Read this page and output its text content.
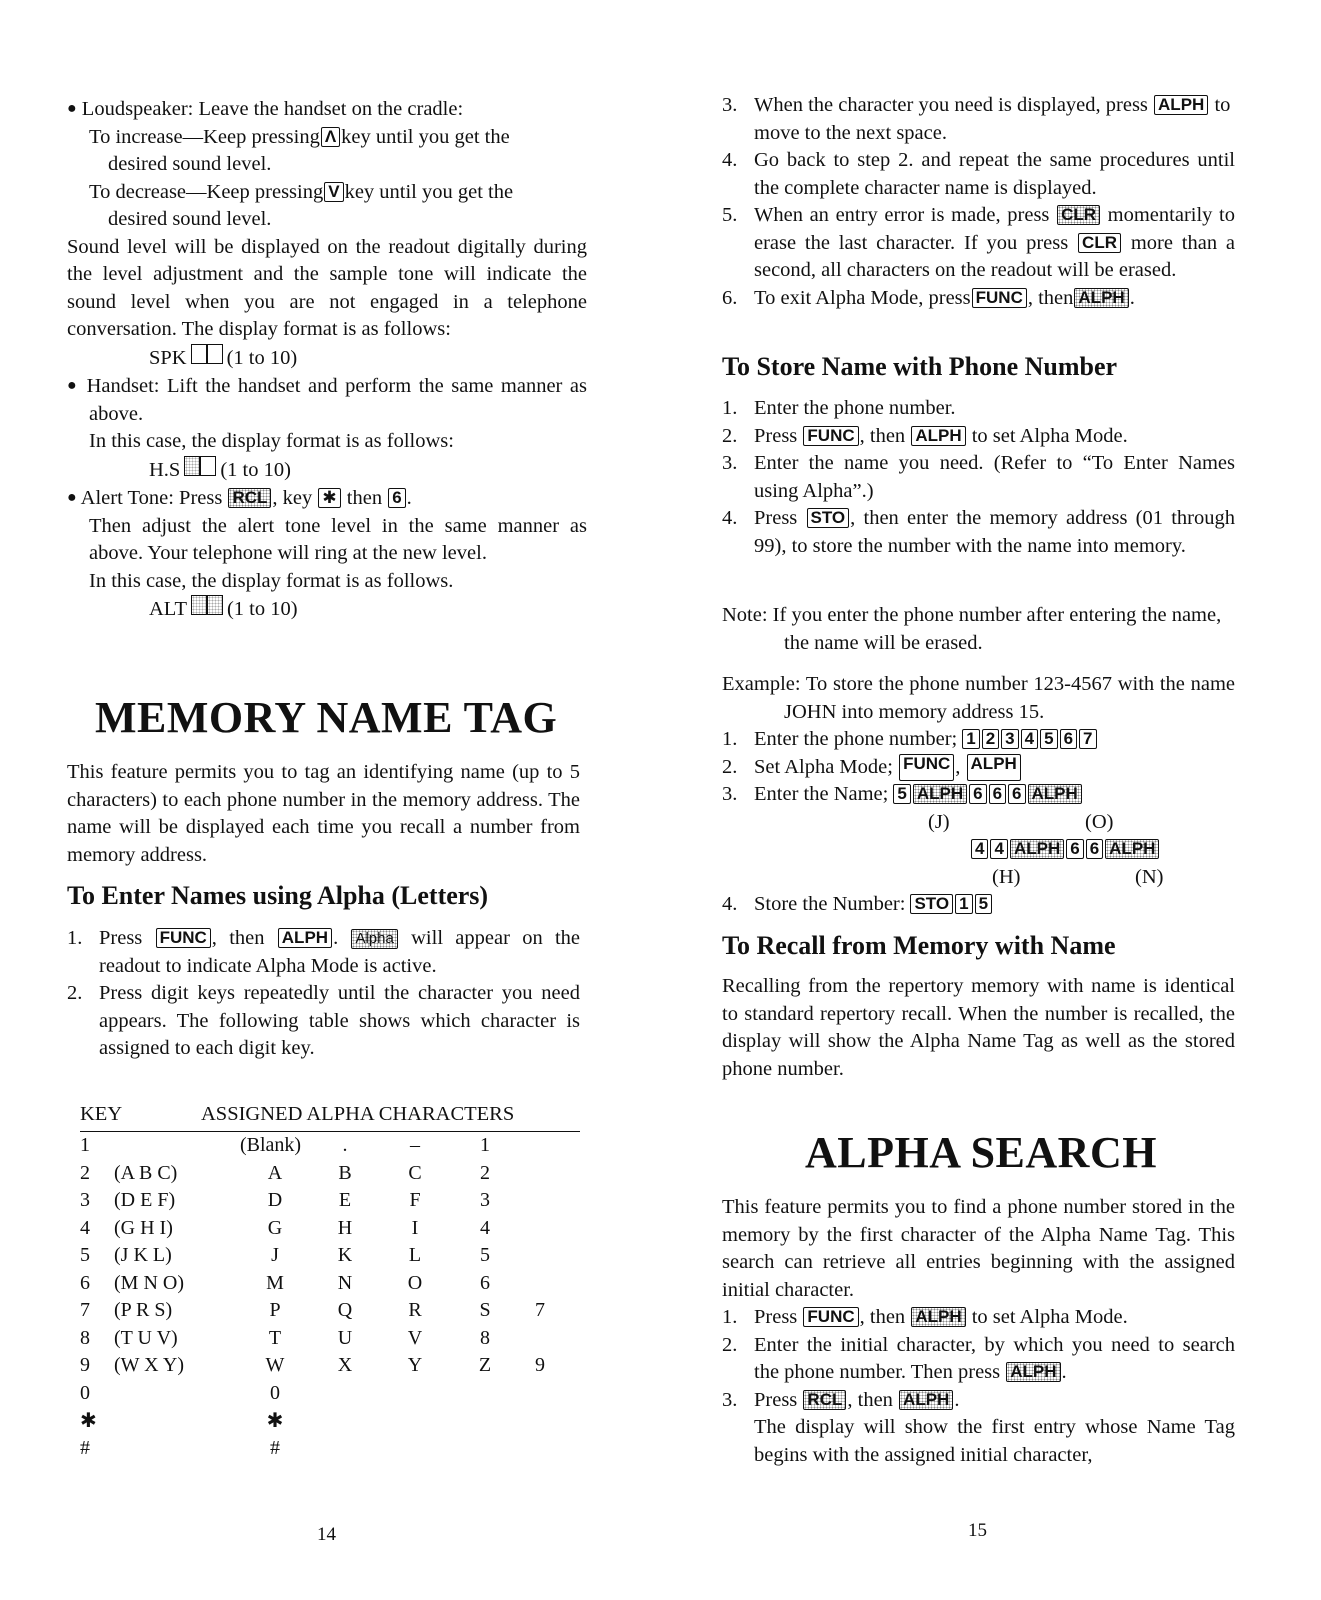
● Loudspeaker: Leave the handset on the cradle:

To increase—Keep pressing Λ key until you get the

desired sound level.

To decrease—Keep pressing V key until you get the

desired sound level.

Sound level will be displayed on the readout digitally during the level adjustment and the sample tone will indicate the sound level when you are not engaged in a telephone conversation. The display format is as follows:

SPK (1 to 10)

● Handset: Lift the handset and perform the same manner as above.

In this case, the display format is as follows:

H.S (1 to 10)

● Alert Tone: Press RCL , key ✱ then 6 .

Then adjust the alert tone level in the same manner as above. Your telephone will ring at the new level.

In this case, the display format is as follows.

ALT (1 to 10)

MEMORY NAME TAG

This feature permits you to tag an identifying name (up to 5 characters) to each phone number in the memory address. The name will be displayed each time you recall a number from memory address.

To Enter Names using Alpha (Letters)
1. Press FUNC , then ALPH . Alpha will appear on the readout to indicate Alpha Mode is active.
2. Press digit keys repeatedly until the character you need appears. The following table shows which character is assigned to each digit key.
KEY	ASSIGNED ALPHA CHARACTERS
1		(Blank)	.	–	1	
2	(A B C)	A	B	C	2	
3	(D E F)	D	E	F	3	
4	(G H I)	G	H	I	4	
5	(J K L)	J	K	L	5	
6	(M N O)	M	N	O	6	
7	(P R S)	P	Q	R	S	7
8	(T U V)	T	U	V	8	
9	(W X Y)	W	X	Y	Z	9
0		0				
✱		✱				
#		#				
14
3. When the character you need is displayed, press ALPH to move to the next space.
4. Go back to step 2. and repeat the same procedures until the complete character name is displayed.
5. When an entry error is made, press CLR momentarily to erase the last character. If you press CLR more than a second, all characters on the readout will be erased.
6. To exit Alpha Mode, press FUNC , then ALPH .
To Store Name with Phone Number
1. Enter the phone number.
2. Press FUNC , then ALPH to set Alpha Mode.
3. Enter the name you need. (Refer to “To Enter Names using Alpha”.)
4. Press STO , then enter the memory address (01 through 99), to store the number with the name into memory.

Note: If you enter the phone number after entering the name, the name will be erased.

Example: To store the phone number 123-4567 with the name JOHN into memory address 15.

1. Enter the phone number; 1 2 3 4 5 6 7
2. Set Alpha Mode;
FUNC ,
ALPH
3. Enter the Name; 5 ALPH 6 6 6 ALPH
(J)	(O)
4 4 ALPH 6 6 ALPH
(H)	(N)
4. Store the Number: STO 1 5
To Recall from Memory with Name

Recalling from the repertory memory with name is identical to standard repertory recall. When the number is recalled, the display will show the Alpha Name Tag as well as the stored phone number.

ALPHA SEARCH

This feature permits you to find a phone number stored in the memory by the first character of the Alpha Name Tag. This search can retrieve all entries beginning with the assigned initial character.

1. Press FUNC , then ALPH to set Alpha Mode.
2. Enter the initial character, by which you need to search the phone number. Then press ALPH .
3. Press RCL , then ALPH .
The display will show the first entry whose Name Tag begins with the assigned initial character,
15
